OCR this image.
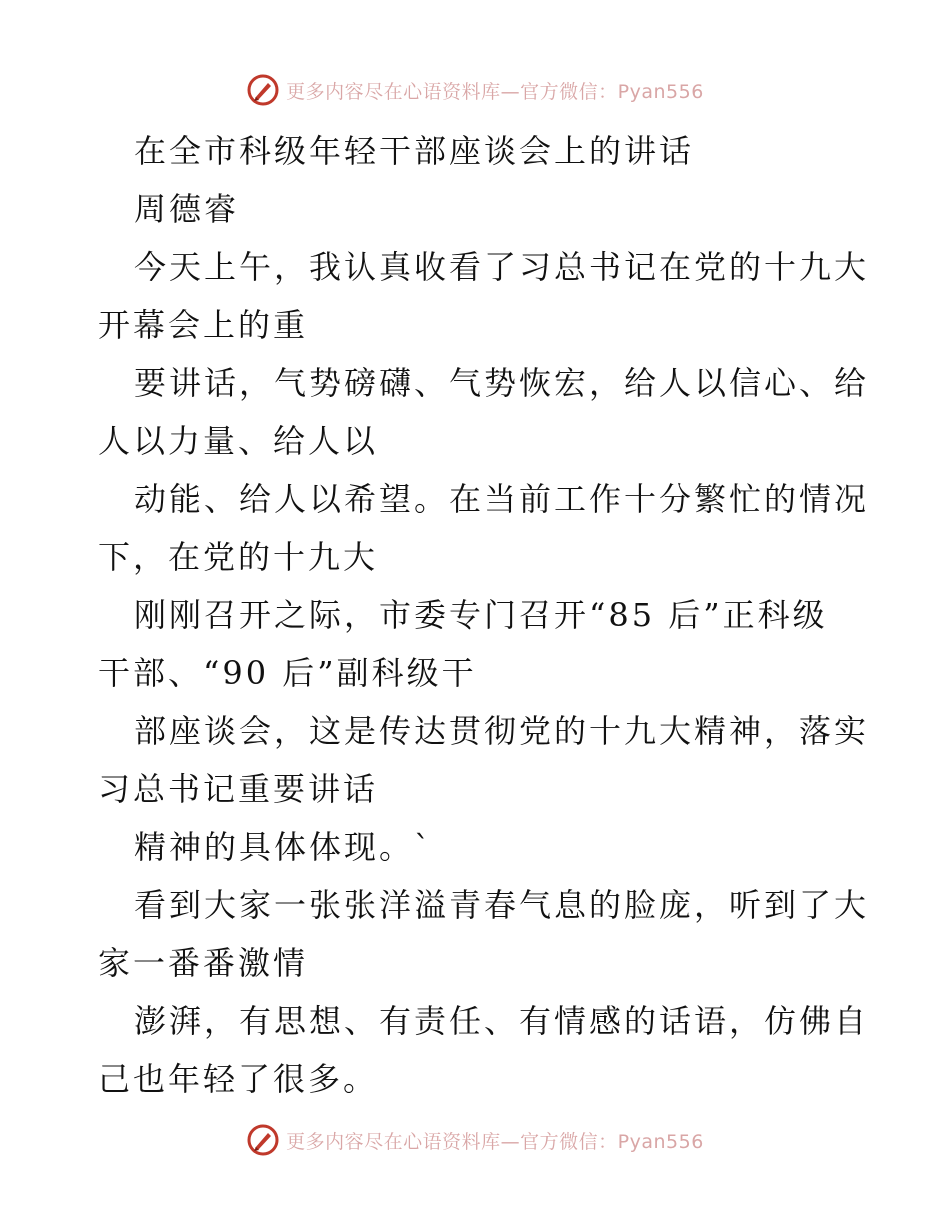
更多内容尽在心语资料库—官方微信：Pyan556
在全市科级年轻干部座谈会上的讲话
周德睿
今天上午，我认真收看了习总书记在党的十九大
开幕会上的重
要讲话，气势磅礴、气势恢宏，给人以信心、给
人以力量、给人以
动能、给人以希望。在当前工作十分繁忙的情况
下，在党的十九大
刚刚召开之际，市委专门召开“85 后”正科级
干部、“90 后”副科级干
部座谈会，这是传达贯彻党的十九大精神，落实
习总书记重要讲话
精神的具体体现。`
看到大家一张张洋溢青春气息的脸庞，听到了大
家一番番激情
澎湃，有思想、有责任、有情感的话语，仿佛自
己也年轻了很多。
更多内容尽在心语资料库—官方微信：Pyan556
